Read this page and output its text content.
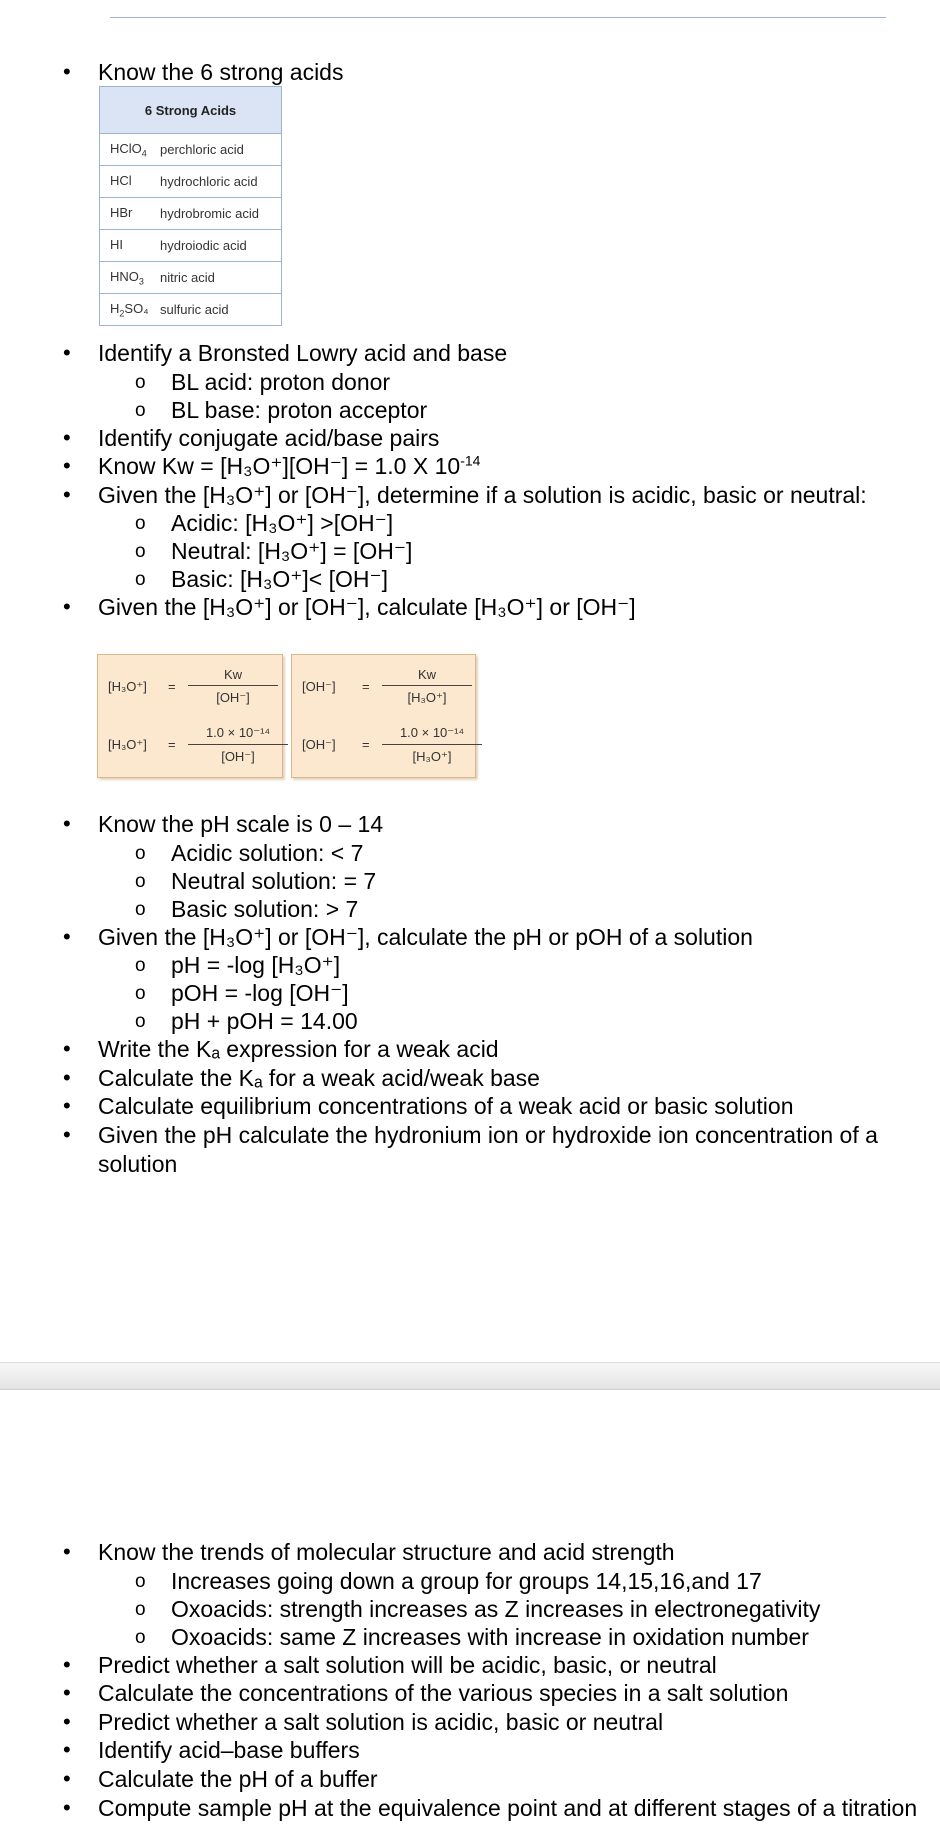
• Know the 6 strong acids
6 Strong Acids	
HClO$_4$	perchloric acid
HCl	hydrochloric acid
HBr	hydrobromic acid
HI	hydroiodic acid
$HNO_3$	nitric acid
$H_2SO_4$	sulfuric acid
• Identify a Bronsted Lowry acid and base
o BL acid: proton donor
o BL base: proton acceptor
• Identify conjugate acid/base pairs
• Know Kw = [H₃O⁺][OH⁻] = 1.0 X $10^{-14}$
• Given the [H₃O⁺] or [OH⁻], determine if a solution is acidic, basic or neutral:
o Acidic: [H₃O⁺] >[OH⁻]
o Neutral: [H₃O⁺] = [OH⁻]
o Basic: [H₃O⁺]< [OH⁻]
• Given the [H₃O⁺] or [OH⁻], calculate [H₃O⁺] or [OH⁻]
$[H_3O^+] = \frac{Kw}{[OH^-]}$
$[H_3O^+] = \frac{\text{1.0 × 10⁻¹⁴}}{[OH^-]}$
$[OH^-] = \frac{Kw}{\text{[H₃O⁺]}}$
$[OH^-] = \frac{\text{1.0 × 10⁻¹⁴}}{\text{[H₃O⁺]}}$
• Know the pH scale is 0 – 14
o Acidic solution: < 7
o Neutral solution: = 7
o Basic solution: > 7
• Given the [H₃O⁺] or [OH⁻], calculate the pH or pOH of a solution
o pH = -log [H₃O⁺]
o pOH = -log [OH⁻]
o pH + pOH = 14.00
• Write the Kₐ expression for a weak acid
• Calculate the Kₐ for a weak acid/weak base
• Calculate equilibrium concentrations of a weak acid or basic solution
• Given the pH calculate the hydronium ion or hydroxide ion concentration of a solution
• Know the trends of molecular structure and acid strength
o Increases going down a group for groups 14,15,16,and 17
o Oxoacids: strength increases as Z increases in electronegativity
o Oxoacids: same Z increases with increase in oxidation number
• Predict whether a salt solution will be acidic, basic, or neutral
• Calculate the concentrations of the various species in a salt solution
• Predict whether a salt solution is acidic, basic or neutral
• Identify acid–base buffers
• Calculate the pH of a buffer
• Compute sample pH at the equivalence point and at different stages of a titration
